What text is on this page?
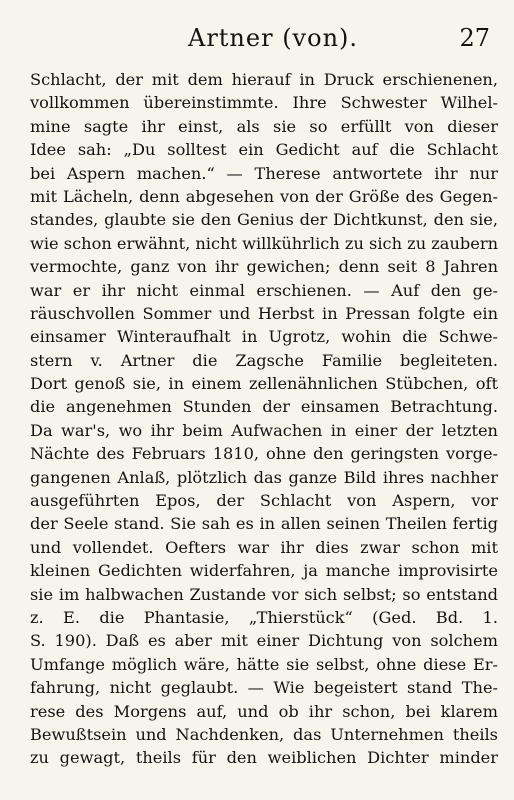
Artner (von).	27
Schlacht, der mit dem hierauf in Druck erschienenen,
vollkommen übereinstimmte. Ihre Schwester Wilhel-
mine sagte ihr einst, als sie so erfüllt von dieser
Idee sah: „Du solltest ein Gedicht auf die Schlacht
bei Aspern machen.“ — Therese antwortete ihr nur
mit Lächeln, denn abgesehen von der Größe des Gegen-
standes, glaubte sie den Genius der Dichtkunst, den sie,
wie schon erwähnt, nicht willkührlich zu sich zu zaubern
vermochte, ganz von ihr gewichen; denn seit 8 Jahren
war er ihr nicht einmal erschienen. — Auf den ge-
räuschvollen Sommer und Herbst in Pressan folgte ein
einsamer Winteraufhalt in Ugrotz, wohin die Schwe-
stern v. Artner die Zagsche Familie begleiteten.
Dort genoß sie, in einem zellenähnlichen Stübchen, oft
die angenehmen Stunden der einsamen Betrachtung.
Da war's, wo ihr beim Aufwachen in einer der letzten
Nächte des Februars 1810, ohne den geringsten vorge-
gangenen Anlaß, plötzlich das ganze Bild ihres nachher
ausgeführten Epos, der Schlacht von Aspern, vor
der Seele stand. Sie sah es in allen seinen Theilen fertig
und vollendet. Oefters war ihr dies zwar schon mit
kleinen Gedichten widerfahren, ja manche improvisirte
sie im halbwachen Zustande vor sich selbst; so entstand
z. E. die Phantasie, „Thierstück“ (Ged. Bd. 1.
S. 190). Daß es aber mit einer Dichtung von solchem
Umfange möglich wäre, hätte sie selbst, ohne diese Er-
fahrung, nicht geglaubt. — Wie begeistert stand The-
rese des Morgens auf, und ob ihr schon, bei klarem
Bewußtsein und Nachdenken, das Unternehmen theils
zu gewagt, theils für den weiblichen Dichter minder
